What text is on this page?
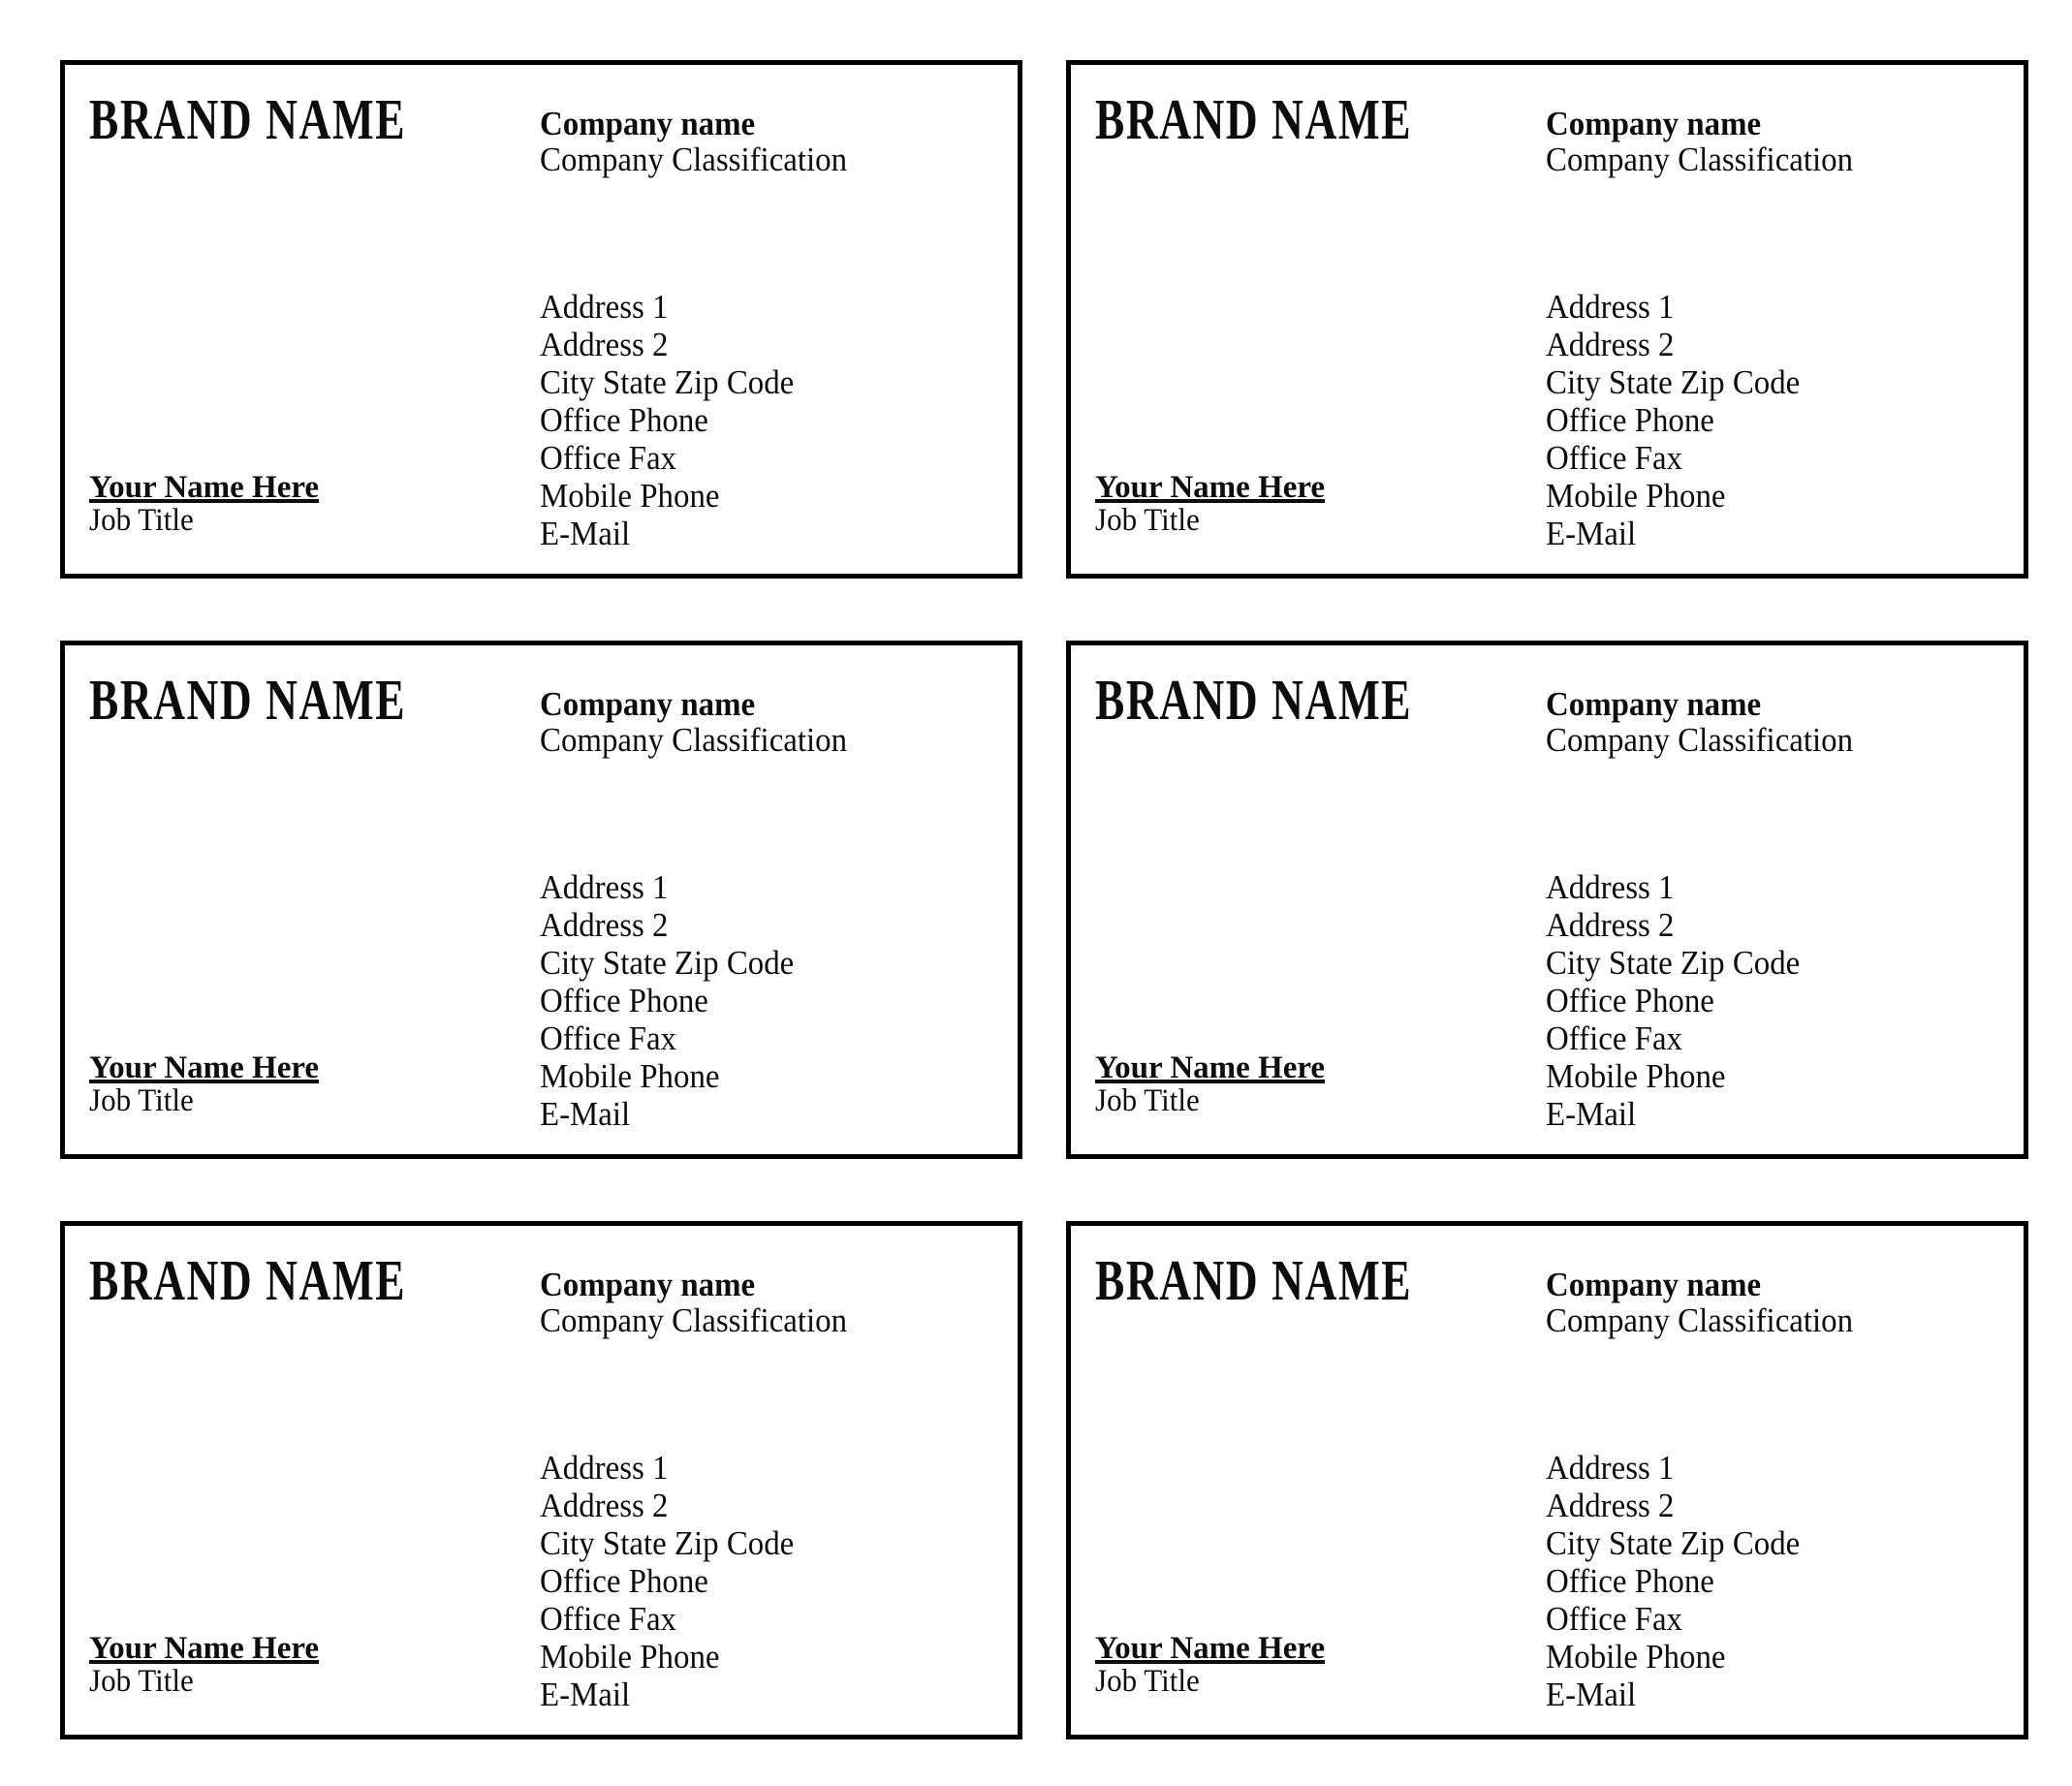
BRAND NAME	Company name
Company Classification
Address 1
Address 2
City State Zip Code
Office Phone
Office Fax
Mobile Phone
E-Mail
Your Name Here
Job Title
BRAND NAME	Company name
Company Classification
Address 1
Address 2
City State Zip Code
Office Phone
Office Fax
Mobile Phone
E-Mail
Your Name Here
Job Title
BRAND NAME	Company name
Company Classification
Address 1
Address 2
City State Zip Code
Office Phone
Office Fax
Mobile Phone
E-Mail
Your Name Here
Job Title
BRAND NAME	Company name
Company Classification
Address 1
Address 2
City State Zip Code
Office Phone
Office Fax
Mobile Phone
E-Mail
Your Name Here
Job Title
BRAND NAME	Company name
Company Classification
Address 1
Address 2
City State Zip Code
Office Phone
Office Fax
Mobile Phone
E-Mail
Your Name Here
Job Title
BRAND NAME	Company name
Company Classification
Address 1
Address 2
City State Zip Code
Office Phone
Office Fax
Mobile Phone
E-Mail
Your Name Here
Job Title
